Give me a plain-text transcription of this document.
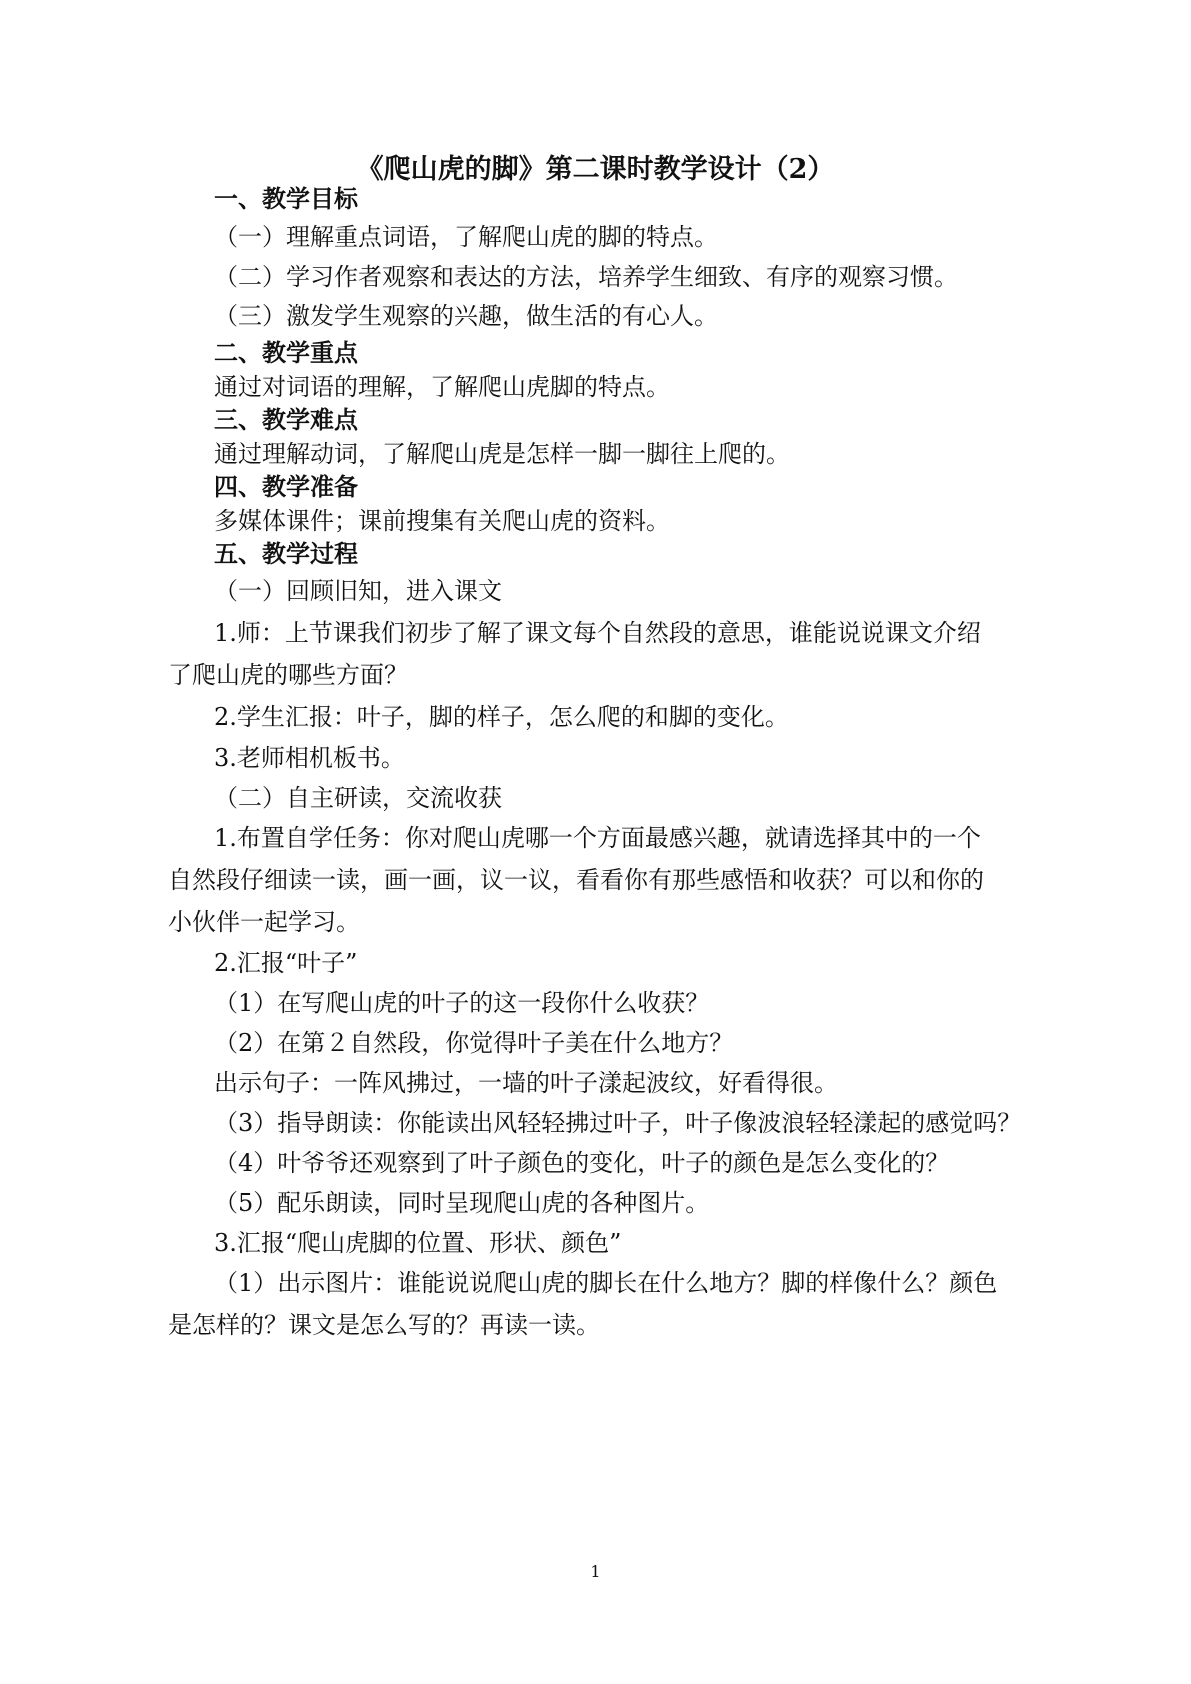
《爬山虎的脚》第二课时教学设计（2）
一、教学目标
（一）理解重点词语，了解爬山虎的脚的特点。
（二）学习作者观察和表达的方法，培养学生细致、有序的观察习惯。
（三）激发学生观察的兴趣，做生活的有心人。
二、教学重点
通过对词语的理解，了解爬山虎脚的特点。
三、教学难点
通过理解动词，了解爬山虎是怎样一脚一脚往上爬的。
四、教学准备
多媒体课件；课前搜集有关爬山虎的资料。
五、教学过程
（一）回顾旧知，进入课文
1.师：上节课我们初步了解了课文每个自然段的意思，谁能说说课文介绍
了爬山虎的哪些方面？
2.学生汇报：叶子，脚的样子，怎么爬的和脚的变化。
3.老师相机板书。
（二）自主研读，交流收获
1.布置自学任务：你对爬山虎哪一个方面最感兴趣，就请选择其中的一个
自然段仔细读一读，画一画，议一议，看看你有那些感悟和收获？可以和你的
小伙伴一起学习。
2.汇报“叶子”
（1）在写爬山虎的叶子的这一段你什么收获？
（2）在第２自然段，你觉得叶子美在什么地方？
出示句子：一阵风拂过，一墙的叶子漾起波纹，好看得很。
（3）指导朗读：你能读出风轻轻拂过叶子，叶子像波浪轻轻漾起的感觉吗？
（4）叶爷爷还观察到了叶子颜色的变化，叶子的颜色是怎么变化的？
（5）配乐朗读，同时呈现爬山虎的各种图片。
3.汇报“爬山虎脚的位置、形状、颜色”
（1）出示图片：谁能说说爬山虎的脚长在什么地方？脚的样像什么？颜色
是怎样的？课文是怎么写的？再读一读。
1
